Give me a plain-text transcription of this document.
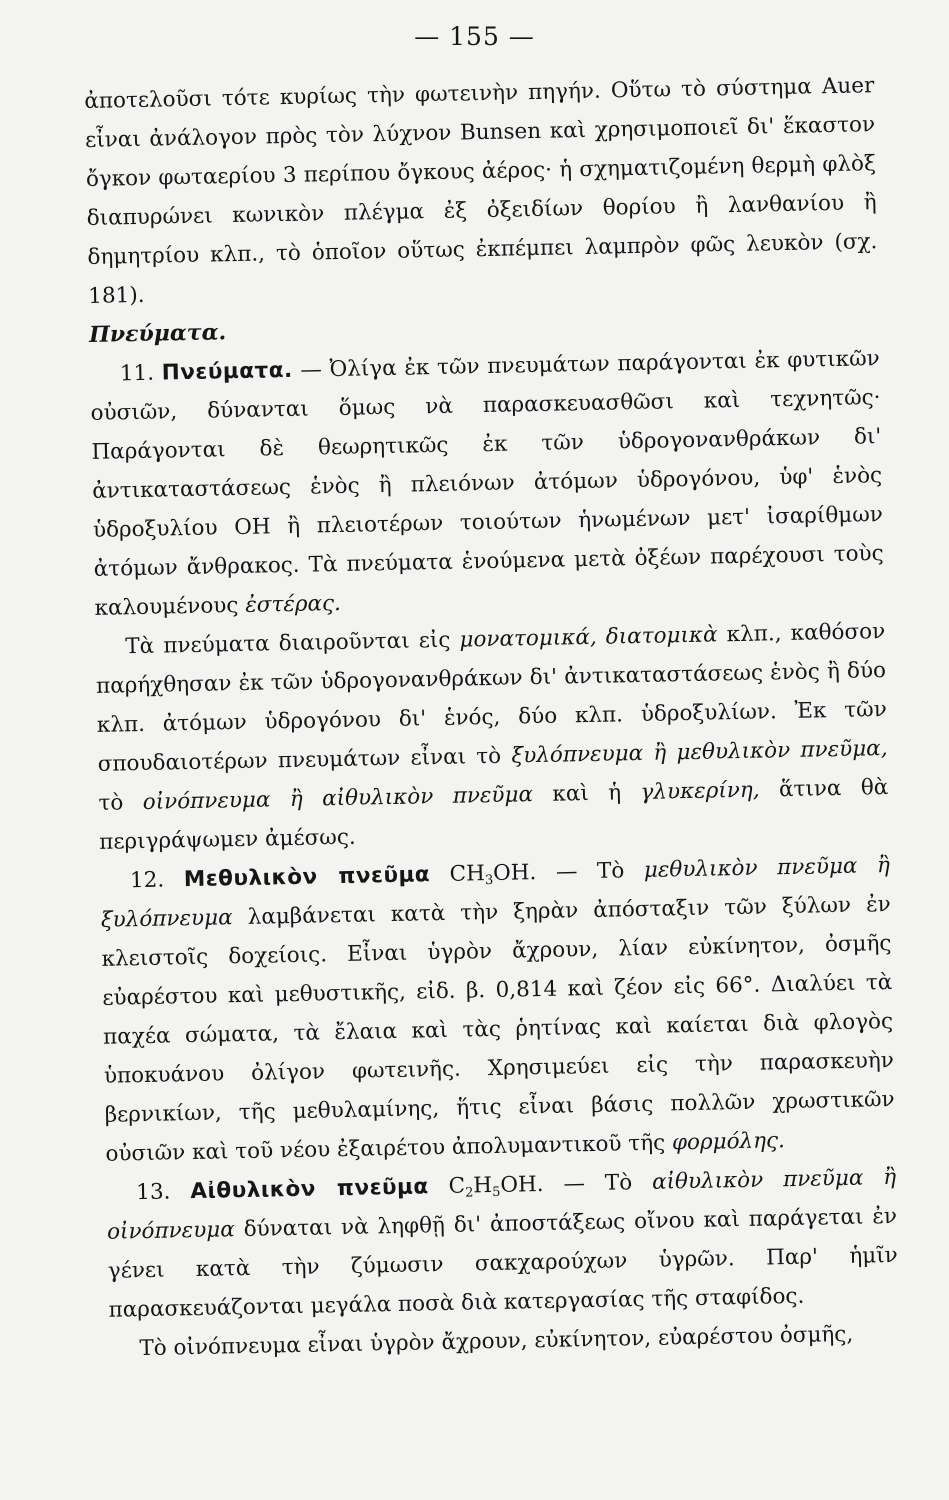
— 155 —

ἀποτελοῦσι τότε κυρίως τὴν φωτεινὴν πηγήν. Οὕτω τὸ σύστημα Auer εἶναι ἀνάλογον πρὸς τὸν λύχνον Bunsen καὶ χρησιμοποιεῖ δι' ἕκαστον ὄγκον φωταερίου 3 περίπου ὄγκους ἀέρος· ἡ σχηματιζομένη θερμὴ φλὸξ διαπυρώνει κωνικὸν πλέγμα ἐξ ὀξειδίων θορίου ἢ λανθανίου ἢ δημητρίου κλπ., τὸ ὁποῖον οὕτως ἐκπέμπει λαμπρὸν φῶς λευκὸν (σχ. 181).

Πνεύματα.

11. Πνεύματα. — Ὀλίγα ἐκ τῶν πνευμάτων παράγονται ἐκ φυτικῶν οὐσιῶν, δύνανται ὅμως νὰ παρασκευασθῶσι καὶ τεχνητῶς· Παράγονται δὲ θεωρητικῶς ἐκ τῶν ὑδρογονανθράκων δι' ἀντικαταστάσεως ἑνὸς ἢ πλειόνων ἀτόμων ὑδρογόνου, ὑφ' ἑνὸς ὑδροξυλίου ΟΗ ἢ πλειοτέρων τοιούτων ἡνωμένων μετ' ἰσαρίθμων ἀτόμων ἄνθρακος. Τὰ πνεύματα ἑνούμενα μετὰ ὀξέων παρέχουσι τοὺς καλουμένους ἐστέρας.

Τὰ πνεύματα διαιροῦνται εἰς μονατομικά, διατομικὰ κλπ., καθόσον παρήχθησαν ἐκ τῶν ὑδρογονανθράκων δι' ἀντικαταστάσεως ἑνὸς ἢ δύο κλπ. ἀτόμων ὑδρογόνου δι' ἑνός, δύο κλπ. ὑδροξυλίων. Ἐκ τῶν σπουδαιοτέρων πνευμάτων εἶναι τὸ ξυλόπνευμα ἢ μεθυλικὸν πνεῦμα, τὸ οἰνόπνευμα ἢ αἰθυλικὸν πνεῦμα καὶ ἡ γλυκερίνη, ἅτινα θὰ περιγράψωμεν ἀμέσως.

12. Μεθυλικὸν πνεῦμα $CH_3OH$. — Τὸ μεθυλικὸν πνεῦμα ἢ ξυλόπνευμα λαμβάνεται κατὰ τὴν ξηρὰν ἀπόσταξιν τῶν ξύλων ἐν κλειστοῖς δοχείοις. Εἶναι ὑγρὸν ἄχρουν, λίαν εὐκίνητον, ὀσμῆς εὐαρέστου καὶ μεθυστικῆς, εἰδ. β. 0,814 καὶ ζέον εἰς 66°. Διαλύει τὰ παχέα σώματα, τὰ ἔλαια καὶ τὰς ῥητίνας καὶ καίεται διὰ φλογὸς ὑποκυάνου ὀλίγον φωτεινῆς. Χρησιμεύει εἰς τὴν παρασκευὴν βερνικίων, τῆς μεθυλαμίνης, ἥτις εἶναι βάσις πολλῶν χρωστικῶν οὐσιῶν καὶ τοῦ νέου ἐξαιρέτου ἀπολυμαντικοῦ τῆς φορμόλης.

13. Αἰθυλικὸν πνεῦμα $C_2H_5OH$. — Τὸ αἰθυλικὸν πνεῦμα ἢ οἰνόπνευμα δύναται νὰ ληφθῇ δι' ἀποστάξεως οἴνου καὶ παράγεται ἐν γένει κατὰ τὴν ζύμωσιν σακχαρούχων ὑγρῶν. Παρ' ἡμῖν παρασκευάζονται μεγάλα ποσὰ διὰ κατεργασίας τῆς σταφίδος.

Τὸ οἰνόπνευμα εἶναι ὑγρὸν ἄχρουν, εὐκίνητον, εὐαρέστου ὀσμῆς,
